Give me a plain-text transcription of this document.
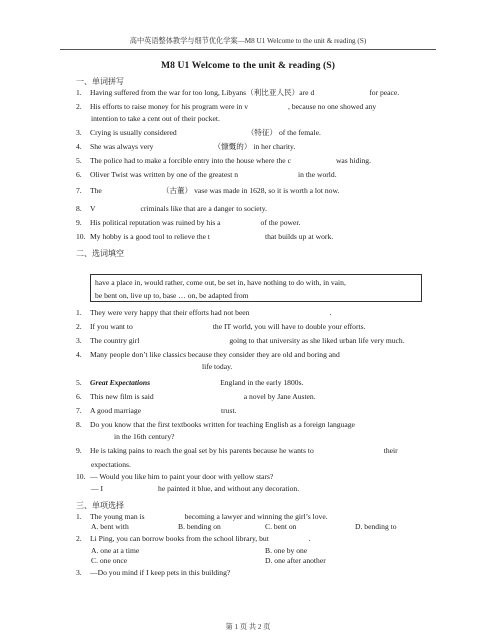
高中英语整体教学与细节优化学案—M8 U1 Welcome to the unit & reading (S)
M8 U1 Welcome to the unit & reading (S)
一、单词拼写
1. Having suffered from the war for too long, Libyans（利比亚人民）are d	for peace.
2. His efforts to raise money for his program were in v	, because no one showed any
intention to take a cent out of their pocket.
3. Crying is usually considered	（特征） of the female.
4. She was always very	（慷慨的） in her charity.
5. The police had to make a forcible entry into the house where the c	was hiding.
6. Oliver Twist was written by one of the greatest n	in the world.
7. The	（古董） vase was made in 1628, so it is worth a lot now.
8. V	criminals like that are a danger to society.
9. His political reputation was ruined by his a	of the power.
10. My hobby is a good tool to relieve the t	that builds up at work.
二、选词填空
have a place in, would rather, come out, be set in, have nothing to do with, in vain,
be bent on, live up to, base … on, be adapted from
1. They were very happy that their efforts had not been	.
2. If you want to	the IT world, you will have to double your efforts.
3. The country girl	going to that university as she liked urban life very much.
4. Many people don’t like classics because they consider they are old and boring and
life today.
5. Great Expectations	England in the early 1800s.
6. This new film is said	a novel by Jane Austen.
7. A good marriage	trust.
8. Do you know that the first textbooks written for teaching English as a foreign language
in the 16th century?
9. He is taking pains to reach the goal set by his parents because he wants to	their
expectations.
10. — Would you like him to paint your door with yellow stars?
— I	he painted it blue, and without any decoration.
三、单项选择
1. The young man is	becoming a lawyer and winning the girl’s love.
A. bent with	B. bending on	C. bent on	D. bending to
2. Li Ping, you can borrow books from the school library, but	.
A. one at a time	B. one by one
C. one once	D. one after another
3. —Do you mind if I keep pets in this building?
第 1 页 共 2 页
